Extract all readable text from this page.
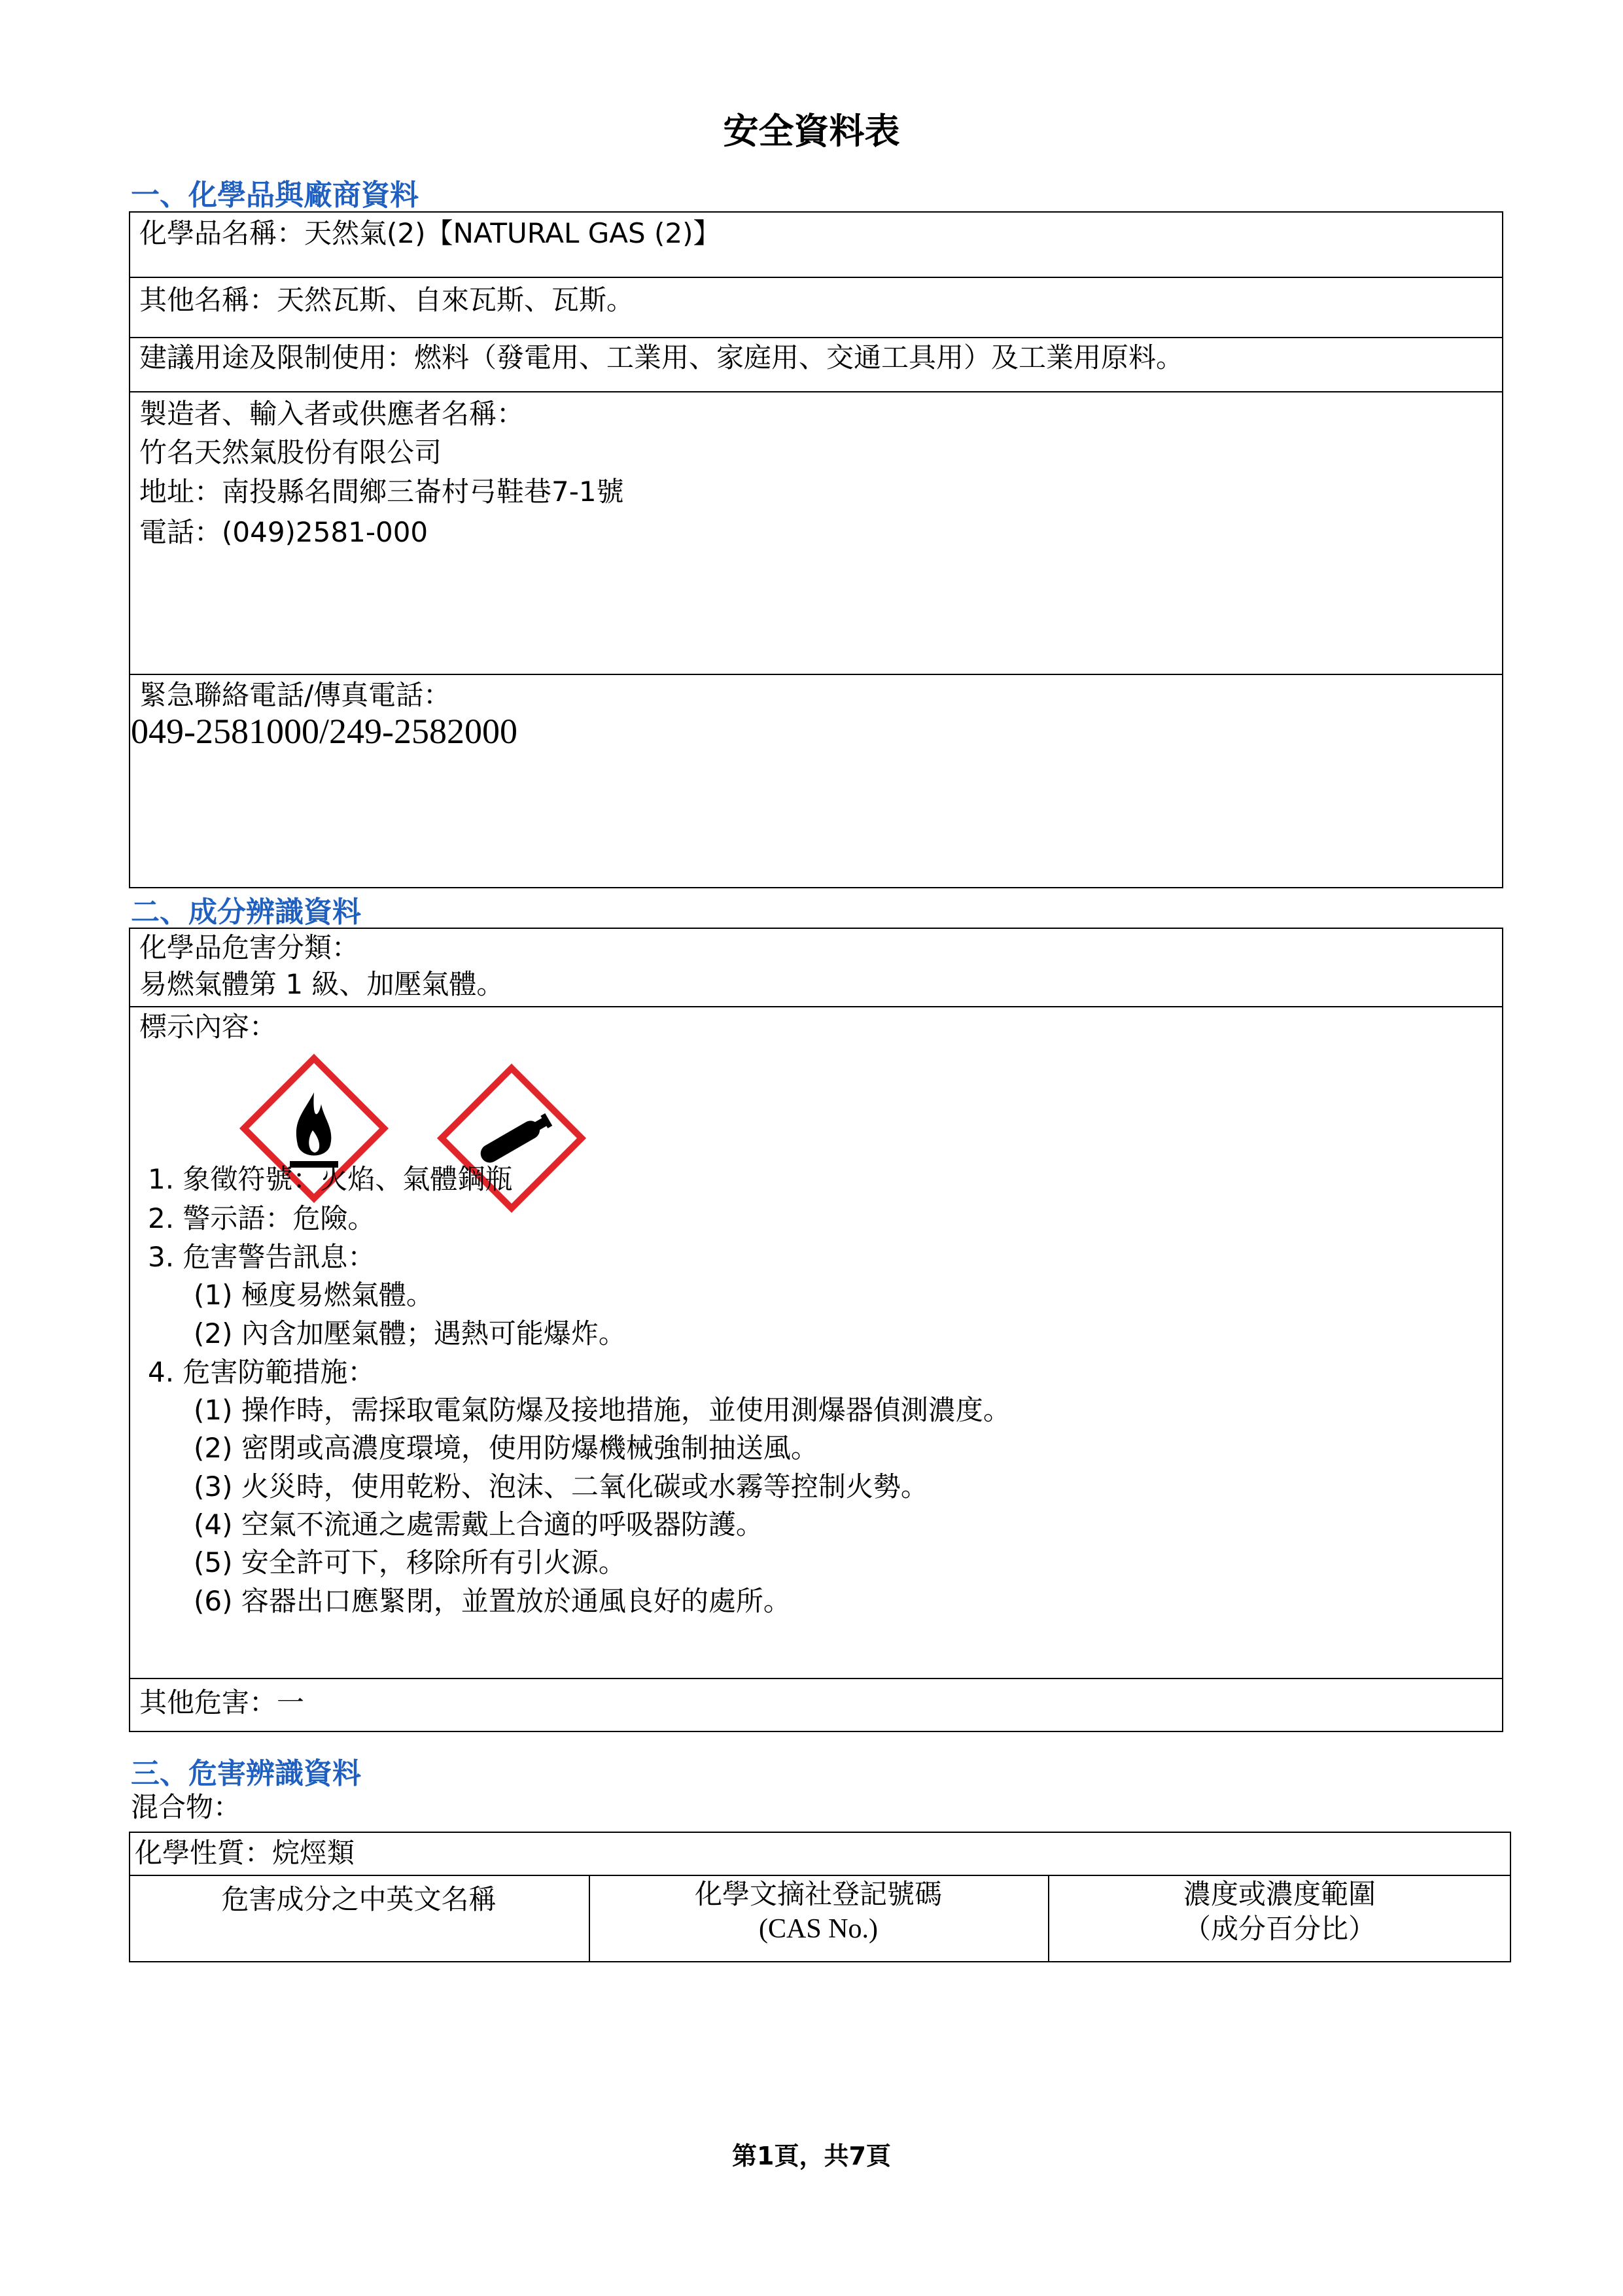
安全資料表
一、化學品與廠商資料
化學品名稱：天然氣(2)【NATURAL GAS (2)】
其他名稱：天然瓦斯、自來瓦斯、瓦斯。
建議用途及限制使用：燃料（發電用、工業用、家庭用、交通工具用）及工業用原料。
製造者、輸入者或供應者名稱：
竹名天然氣股份有限公司
地址：南投縣名間鄉三崙村弓鞋巷7-1號
電話：(049)2581-000
緊急聯絡電話/傳真電話：
049-2581000/249-2582000
二、成分辨識資料
化學品危害分類：
易燃氣體第 1 級、加壓氣體。
標示內容：
1. 象徵符號：火焰、氣體鋼瓶
2. 警示語：危險。
3. 危害警告訊息：
(1) 極度易燃氣體。
(2) 內含加壓氣體；遇熱可能爆炸。
4. 危害防範措施：
(1) 操作時，需採取電氣防爆及接地措施，並使用測爆器偵測濃度。
(2) 密閉或高濃度環境，使用防爆機械強制抽送風。
(3) 火災時，使用乾粉、泡沫、二氧化碳或水霧等控制火勢。
(4) 空氣不流通之處需戴上合適的呼吸器防護。
(5) 安全許可下，移除所有引火源。
(6) 容器出口應緊閉，並置放於通風良好的處所。
其他危害：一
三、危害辨識資料
混合物：
化學性質：烷烴類
危害成分之中英文名稱	化學文摘社登記號碼
(CAS No.)
濃度或濃度範圍
（成分百分比）
第1頁，共7頁
